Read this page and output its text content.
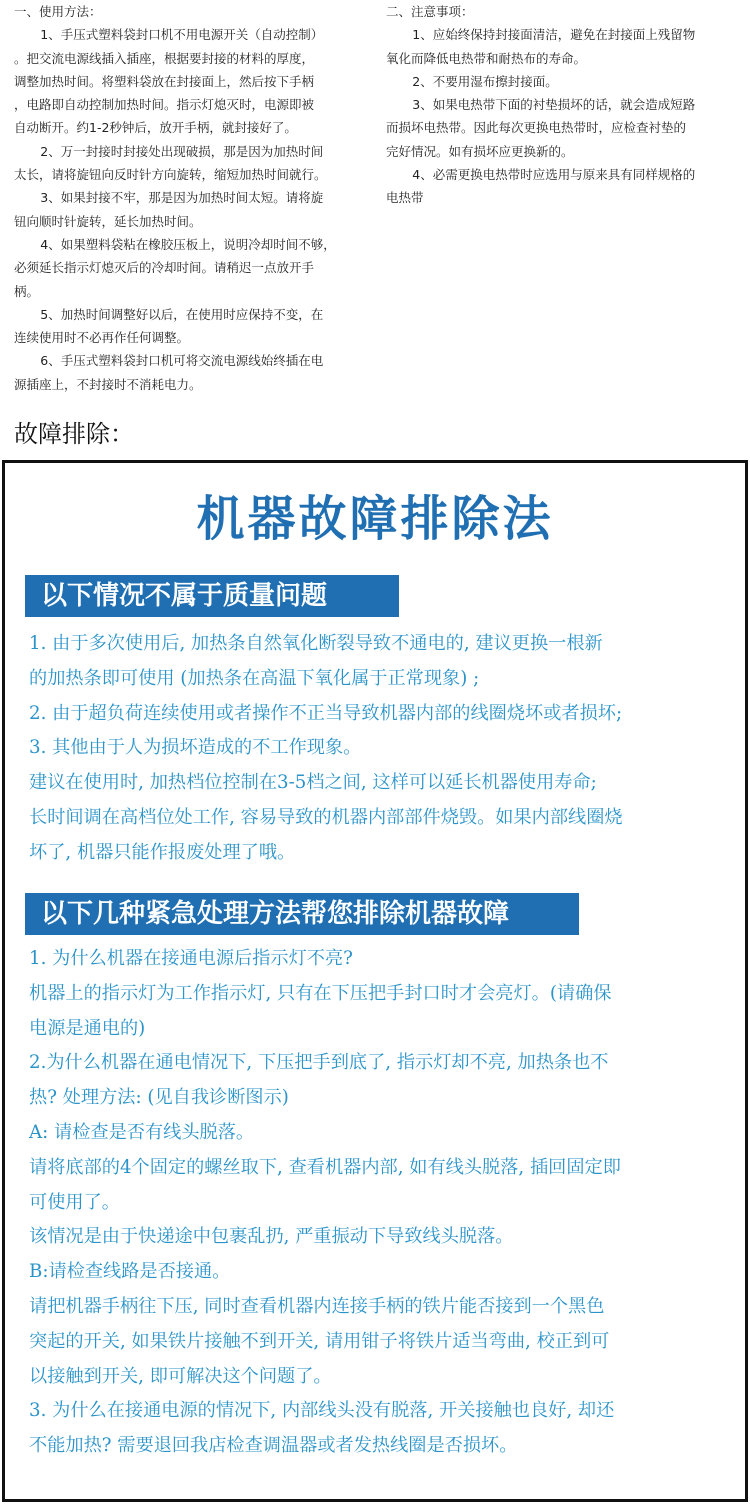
一、使用方法：

1、手压式塑料袋封口机不用电源开关（自动控制）

。把交流电源线插入插座，根据要封接的材料的厚度，

调整加热时间。将塑料袋放在封接面上，然后按下手柄

，电路即自动控制加热时间。指示灯熄灭时，电源即被

自动断开。约1-2秒钟后，放开手柄，就封接好了。

2、万一封接时封接处出现破损，那是因为加热时间

太长，请将旋钮向反时针方向旋转，缩短加热时间就行。

3、如果封接不牢，那是因为加热时间太短。请将旋

钮向顺时针旋转，延长加热时间。

4、如果塑料袋粘在橡胶压板上，说明冷却时间不够，

必须延长指示灯熄灭后的冷却时间。请稍迟一点放开手

柄。

5、加热时间调整好以后，在使用时应保持不变，在

连续使用时不必再作任何调整。

6、手压式塑料袋封口机可将交流电源线始终插在电

源插座上，不封接时不消耗电力。

二、注意事项：

1、应始终保持封接面清洁，避免在封接面上残留物

氧化而降低电热带和耐热布的寿命。

2、不要用湿布擦封接面。

3、如果电热带下面的衬垫损坏的话，就会造成短路

而损坏电热带。因此每次更换电热带时，应检查衬垫的

完好情况。如有损坏应更换新的。

4、必需更换电热带时应选用与原来具有同样规格的

电热带

故障排除：
机器故障排除法
以下情况不属于质量问题

1. 由于多次使用后, 加热条自然氧化断裂导致不通电的, 建议更换一根新

的加热条即可使用 (加热条在高温下氧化属于正常现象) ;

2. 由于超负荷连续使用或者操作不正当导致机器内部的线圈烧坏或者损坏;

3. 其他由于人为损坏造成的不工作现象。

建议在使用时, 加热档位控制在3-5档之间, 这样可以延长机器使用寿命;

长时间调在高档位处工作, 容易导致的机器内部部件烧毁。如果内部线圈烧

坏了, 机器只能作报废处理了哦。

以下几种紧急处理方法帮您排除机器故障

1. 为什么机器在接通电源后指示灯不亮?

机器上的指示灯为工作指示灯, 只有在下压把手封口时才会亮灯。(请确保

电源是通电的)

2.为什么机器在通电情况下, 下压把手到底了, 指示灯却不亮, 加热条也不

热? 处理方法: (见自我诊断图示)

A: 请检查是否有线头脱落。

请将底部的4个固定的螺丝取下, 查看机器内部, 如有线头脱落, 插回固定即

可使用了。

该情况是由于快递途中包裹乱扔, 严重振动下导致线头脱落。

B:请检查线路是否接通。

请把机器手柄往下压, 同时查看机器内连接手柄的铁片能否接到一个黑色

突起的开关, 如果铁片接触不到开关, 请用钳子将铁片适当弯曲, 校正到可

以接触到开关, 即可解决这个问题了。

3. 为什么在接通电源的情况下, 内部线头没有脱落, 开关接触也良好, 却还

不能加热? 需要退回我店检查调温器或者发热线圈是否损坏。
